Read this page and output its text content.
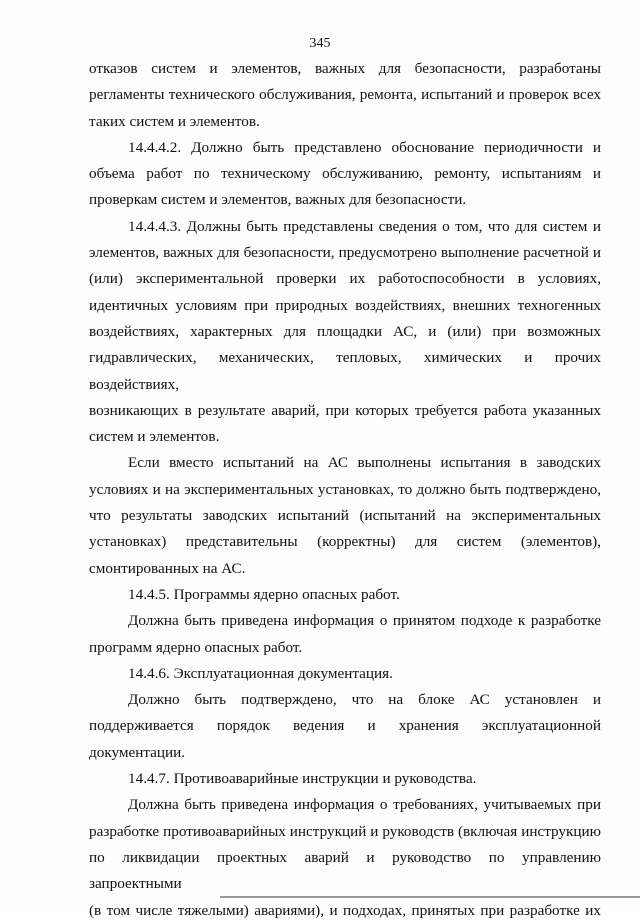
345
отказов систем и элементов, важных для безопасности, разработаны
регламенты технического обслуживания, ремонта, испытаний и проверок всех
таких систем и элементов.
14.4.4.2. Должно быть представлено обоснование периодичности и
объема работ по техническому обслуживанию, ремонту, испытаниям и
проверкам систем и элементов, важных для безопасности.
14.4.4.3. Должны быть представлены сведения о том, что для систем и
элементов, важных для безопасности, предусмотрено выполнение расчетной и
(или) экспериментальной проверки их работоспособности в условиях,
идентичных условиям при природных воздействиях, внешних техногенных
воздействиях, характерных для площадки АС, и (или) при возможных
гидравлических, механических, тепловых, химических и прочих воздействиях,
возникающих в результате аварий, при которых требуется работа указанных
систем и элементов.
Если вместо испытаний на АС выполнены испытания в заводских
условиях и на экспериментальных установках, то должно быть подтверждено,
что результаты заводских испытаний (испытаний на экспериментальных
установках) представительны (корректны) для систем (элементов),
смонтированных на АС.
14.4.5. Программы ядерно опасных работ.
Должна быть приведена информация о принятом подходе к разработке
программ ядерно опасных работ.
14.4.6. Эксплуатационная документация.
Должно быть подтверждено, что на блоке АС установлен и
поддерживается порядок ведения и хранения эксплуатационной документации.
14.4.7. Противоаварийные инструкции и руководства.
Должна быть приведена информация о требованиях, учитываемых при
разработке противоаварийных инструкций и руководств (включая инструкцию
по ликвидации проектных аварий и руководство по управлению запроектными
(в том числе тяжелыми) авариями), и подходах, принятых при разработке их
